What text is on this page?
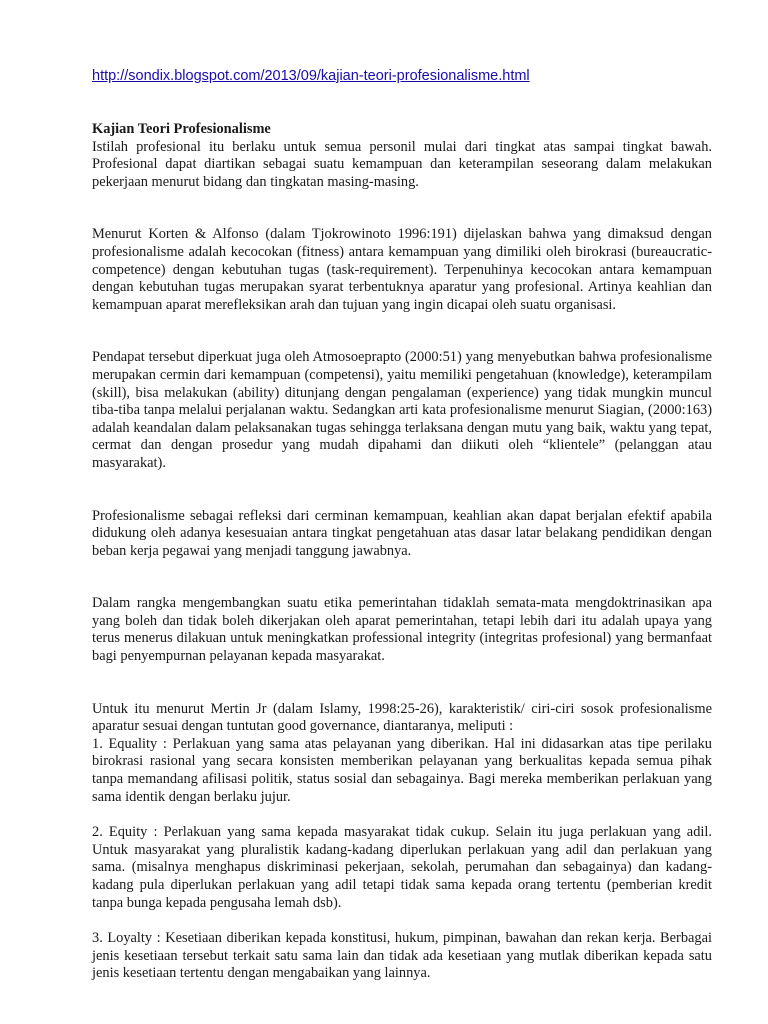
http://sondix.blogspot.com/2013/09/kajian-teori-profesionalisme.html

Kajian Teori Profesionalisme

Istilah profesional itu berlaku untuk semua personil mulai dari tingkat atas sampai tingkat bawah. Profesional dapat diartikan sebagai suatu kemampuan dan keterampilan seseorang dalam melakukan pekerjaan menurut bidang dan tingkatan masing-masing.

Menurut Korten & Alfonso (dalam Tjokrowinoto 1996:191) dijelaskan bahwa yang dimaksud dengan profesionalisme adalah kecocokan (fitness) antara kemampuan yang dimiliki oleh birokrasi (bureaucratic-competence) dengan kebutuhan tugas (task-requirement). Terpenuhinya kecocokan antara kemampuan dengan kebutuhan tugas merupakan syarat terbentuknya aparatur yang profesional. Artinya keahlian dan kemampuan aparat merefleksikan arah dan tujuan yang ingin dicapai oleh suatu organisasi.

Pendapat tersebut diperkuat juga oleh Atmosoeprapto (2000:51) yang menyebutkan bahwa profesionalisme merupakan cermin dari kemampuan (competensi), yaitu memiliki pengetahuan (knowledge), keterampilam (skill), bisa melakukan (ability) ditunjang dengan pengalaman (experience) yang tidak mungkin muncul tiba-tiba tanpa melalui perjalanan waktu. Sedangkan arti kata profesionalisme menurut Siagian, (2000:163) adalah keandalan dalam pelaksanakan tugas sehingga terlaksana dengan mutu yang baik, waktu yang tepat, cermat dan dengan prosedur yang mudah dipahami dan diikuti oleh “klientele” (pelanggan atau masyarakat).

Profesionalisme sebagai refleksi dari cerminan kemampuan, keahlian akan dapat berjalan efektif apabila didukung oleh adanya kesesuaian antara tingkat pengetahuan atas dasar latar belakang pendidikan dengan beban kerja pegawai yang menjadi tanggung jawabnya.

Dalam rangka mengembangkan suatu etika pemerintahan tidaklah semata-mata mengdoktrinasikan apa yang boleh dan tidak boleh dikerjakan oleh aparat pemerintahan, tetapi lebih dari itu adalah upaya yang terus menerus dilakuan untuk meningkatkan professional integrity (integritas profesional) yang bermanfaat bagi penyempurnan pelayanan kepada masyarakat.

Untuk itu menurut Mertin Jr (dalam Islamy, 1998:25-26), karakteristik/ ciri-ciri sosok profesionalisme aparatur sesuai dengan tuntutan good governance, diantaranya, meliputi :

1. Equality : Perlakuan yang sama atas pelayanan yang diberikan. Hal ini didasarkan atas tipe perilaku birokrasi rasional yang secara konsisten memberikan pelayanan yang berkualitas kepada semua pihak tanpa memandang afilisasi politik, status sosial dan sebagainya. Bagi mereka memberikan perlakuan yang sama identik dengan berlaku jujur.

2. Equity : Perlakuan yang sama kepada masyarakat tidak cukup. Selain itu juga perlakuan yang adil. Untuk masyarakat yang pluralistik kadang-kadang diperlukan perlakuan yang adil dan perlakuan yang sama. (misalnya menghapus diskriminasi pekerjaan, sekolah, perumahan dan sebagainya) dan kadang-kadang pula diperlukan perlakuan yang adil tetapi tidak sama kepada orang tertentu (pemberian kredit tanpa bunga kepada pengusaha lemah dsb).

3. Loyalty : Kesetiaan diberikan kepada konstitusi, hukum, pimpinan, bawahan dan rekan kerja. Berbagai jenis kesetiaan tersebut terkait satu sama lain dan tidak ada kesetiaan yang mutlak diberikan kepada satu jenis kesetiaan tertentu dengan mengabaikan yang lainnya.
